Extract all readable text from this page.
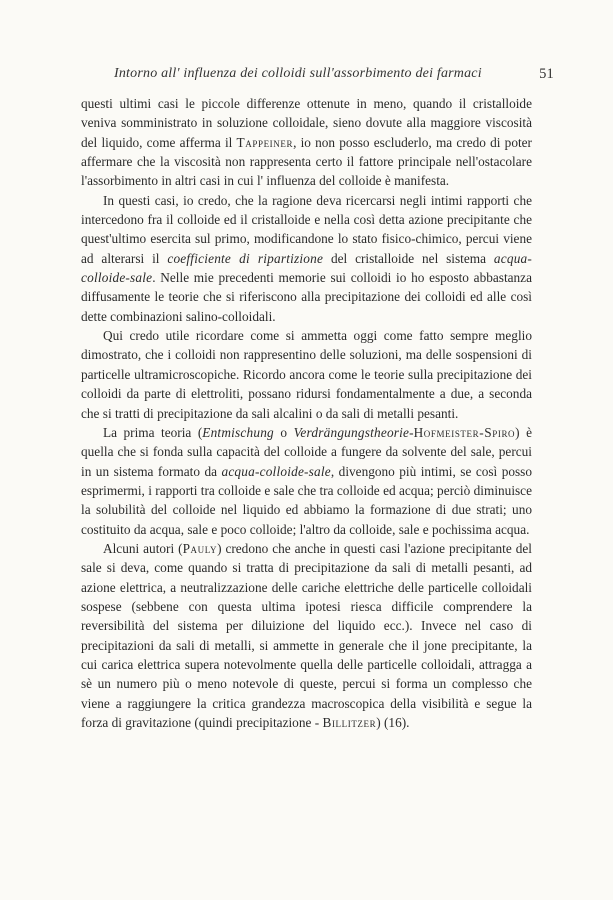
Intorno all' influenza dei colloidi sull'assorbimento dei farmaci	51

questi ultimi casi le piccole differenze ottenute in meno, quando il cristalloide veniva somministrato in soluzione colloidale, sieno dovute alla maggiore viscosità del liquido, come afferma il Tappeiner, io non posso escluderlo, ma credo di poter affermare che la viscosità non rappresenta certo il fattore principale nell'ostacolare l'assorbimento in altri casi in cui l' influenza del colloide è manifesta.

In questi casi, io credo, che la ragione deva ricercarsi negli intimi rapporti che intercedono fra il colloide ed il cristalloide e nella così detta azione precipitante che quest'ultimo esercita sul primo, modificandone lo stato fisico-chimico, percui viene ad alterarsi il coefficiente di ripartizione del cristalloide nel sistema acqua-colloide-sale. Nelle mie precedenti memorie sui colloidi io ho esposto abbastanza diffusamente le teorie che si riferiscono alla precipitazione dei colloidi ed alle così dette combinazioni salino-colloidali.

Qui credo utile ricordare come si ammetta oggi come fatto sempre meglio dimostrato, che i colloidi non rappresentino delle soluzioni, ma delle sospensioni di particelle ultramicroscopiche. Ricordo ancora come le teorie sulla precipitazione dei colloidi da parte di elettroliti, possano ridursi fondamentalmente a due, a seconda che si tratti di precipitazione da sali alcalini o da sali di metalli pesanti.

La prima teoria (Entmischung o Verdrängungstheorie-Hofmeister-Spiro) è quella che si fonda sulla capacità del colloide a fungere da solvente del sale, percui in un sistema formato da acqua-colloide-sale, divengono più intimi, se così posso esprimermi, i rapporti tra colloide e sale che tra colloide ed acqua; perciò diminuisce la solubilità del colloide nel liquido ed abbiamo la formazione di due strati; uno costituito da acqua, sale e poco colloide; l'altro da colloide, sale e pochissima acqua.

Alcuni autori (Pauly) credono che anche in questi casi l'azione precipitante del sale si deva, come quando si tratta di precipitazione da sali di metalli pesanti, ad azione elettrica, a neutralizzazione delle cariche elettriche delle particelle colloidali sospese (sebbene con questa ultima ipotesi riesca difficile comprendere la reversibilità del sistema per diluizione del liquido ecc.). Invece nel caso di precipitazioni da sali di metalli, si ammette in generale che il jone precipitante, la cui carica elettrica supera notevolmente quella delle particelle colloidali, attragga a sè un numero più o meno notevole di queste, percui si forma un complesso che viene a raggiungere la critica grandezza macroscopica della visibilità e segue la forza di gravitazione (quindi precipitazione - Billitzer) (16).
